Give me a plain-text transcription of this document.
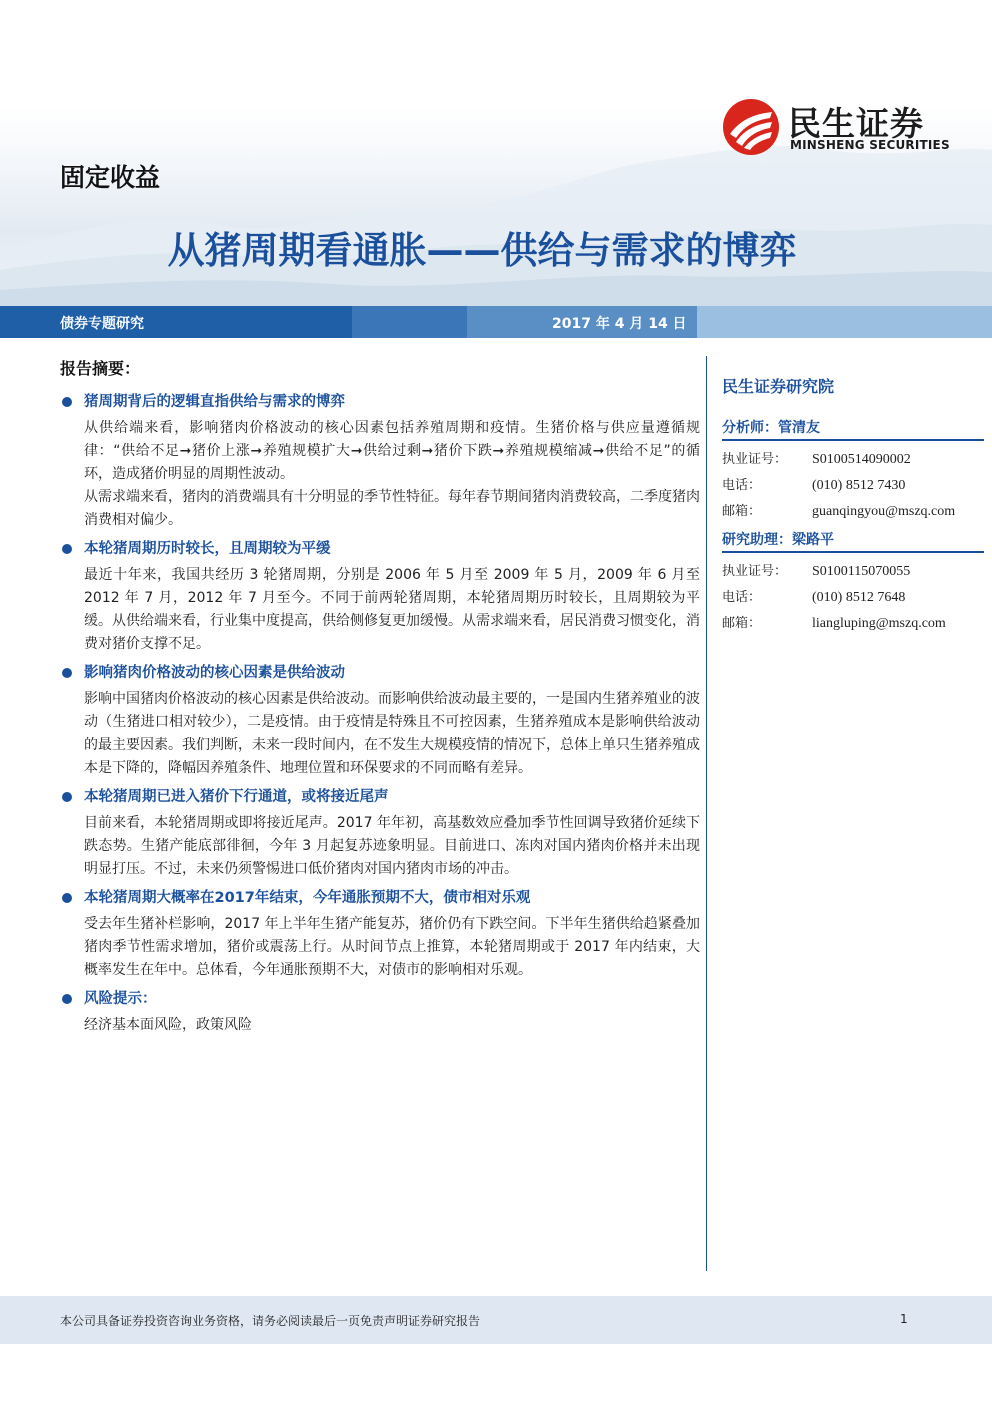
民生证券
MINSHENG SECURITIES
固定收益
从猪周期看通胀——供给与需求的博弈
债券专题研究	2017 年 4 月 14 日
报告摘要：
猪周期背后的逻辑直指供给与需求的博弈

从供给端来看，影响猪肉价格波动的核心因素包括养殖周期和疫情。生猪价格与供应量遵循规律：“供给不足➞猪价上涨➞养殖规模扩大➞供给过剩➞猪价下跌➞养殖规模缩减➞供给不足”的循环，造成猪价明显的周期性波动。

从需求端来看，猪肉的消费端具有十分明显的季节性特征。每年春节期间猪肉消费较高，二季度猪肉消费相对偏少。

本轮猪周期历时较长，且周期较为平缓

最近十年来，我国共经历 3 轮猪周期，分别是 2006 年 5 月至 2009 年 5 月，2009 年 6 月至 2012 年 7 月，2012 年 7 月至今。不同于前两轮猪周期，本轮猪周期历时较长，且周期较为平缓。从供给端来看，行业集中度提高，供给侧修复更加缓慢。从需求端来看，居民消费习惯变化，消费对猪价支撑不足。

影响猪肉价格波动的核心因素是供给波动

影响中国猪肉价格波动的核心因素是供给波动。而影响供给波动最主要的，一是国内生猪养殖业的波动（生猪进口相对较少），二是疫情。由于疫情是特殊且不可控因素，生猪养殖成本是影响供给波动的最主要因素。我们判断，未来一段时间内，在不发生大规模疫情的情况下，总体上单只生猪养殖成本是下降的，降幅因养殖条件、地理位置和环保要求的不同而略有差异。

本轮猪周期已进入猪价下行通道，或将接近尾声

目前来看，本轮猪周期或即将接近尾声。2017 年年初，高基数效应叠加季节性回调导致猪价延续下跌态势。生猪产能底部徘徊，今年 3 月起复苏迹象明显。目前进口、冻肉对国内猪肉价格并未出现明显打压。不过，未来仍须警惕进口低价猪肉对国内猪肉市场的冲击。

本轮猪周期大概率在2017年结束，今年通胀预期不大，债市相对乐观

受去年生猪补栏影响，2017 年上半年生猪产能复苏，猪价仍有下跌空间。下半年生猪供给趋紧叠加猪肉季节性需求增加，猪价或震荡上行。从时间节点上推算，本轮猪周期或于 2017 年内结束，大概率发生在年中。总体看，今年通胀预期不大，对债市的影响相对乐观。

风险提示：

经济基本面风险，政策风险

民生证券研究院
分析师：管清友
执业证号：	S0100514090002
电话：	(010) 8512 7430
邮箱：	guanqingyou@mszq.com
研究助理：梁路平
执业证号：	S0100115070055
电话：	(010) 8512 7648
邮箱：	liangluping@mszq.com
本公司具备证券投资咨询业务资格，请务必阅读最后一页免责声明证券研究报告	1
